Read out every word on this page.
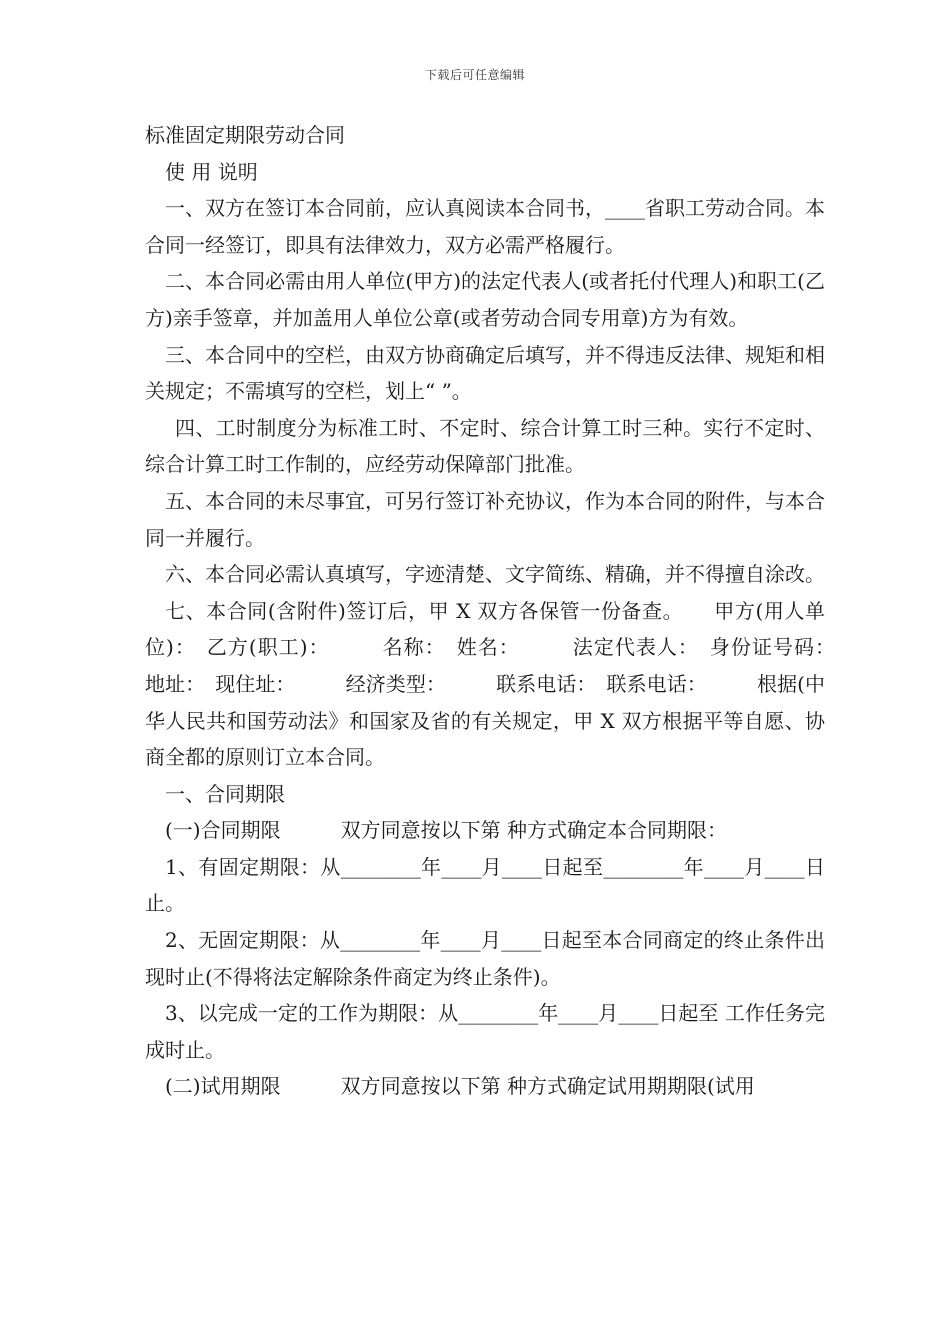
下载后可任意编辑

标准固定期限劳动合同

使 用 说明

一、双方在签订本合同前，应认真阅读本合同书，____省职工劳动合同。本合同一经签订，即具有法律效力，双方必需严格履行。

二、本合同必需由用人单位(甲方)的法定代表人(或者托付代理人)和职工(乙方)亲手签章，并加盖用人单位公章(或者劳动合同专用章)方为有效。

三、本合同中的空栏，由双方协商确定后填写，并不得违反法律、规矩和相关规定；不需填写的空栏，划上“ ”。

四、工时制度分为标准工时、不定时、综合计算工时三种。实行不定时、综合计算工时工作制的，应经劳动保障部门批准。

五、本合同的未尽事宜，可另行签订补充协议，作为本合同的附件，与本合同一并履行。

六、本合同必需认真填写，字迹清楚、文字简练、精确，并不得擅自涂改。

七、本合同(含附件)签订后，甲 X 双方各保管一份备查。　　甲方(用人单位)：　乙方(职工)：　　　名称：　姓名：　　　法定代表人：　身份证号码：　　　地址：　现住址：　　　经济类型：　　　联系电话：　联系电话：　　　根据(中华人民共和国劳动法》和国家及省的有关规定，甲 X 双方根据平等自愿、协商全都的原则订立本合同。

一、合同期限

(一)合同期限　　　双方同意按以下第 种方式确定本合同期限：

1、有固定期限：从________年____月____日起至________年____月____日止。

2、无固定期限：从________年____月____日起至本合同商定的终止条件出现时止(不得将法定解除条件商定为终止条件)。

3、以完成一定的工作为期限：从________年____月____日起至 工作任务完成时止。

(二)试用期限　　　双方同意按以下第 种方式确定试用期期限(试用
